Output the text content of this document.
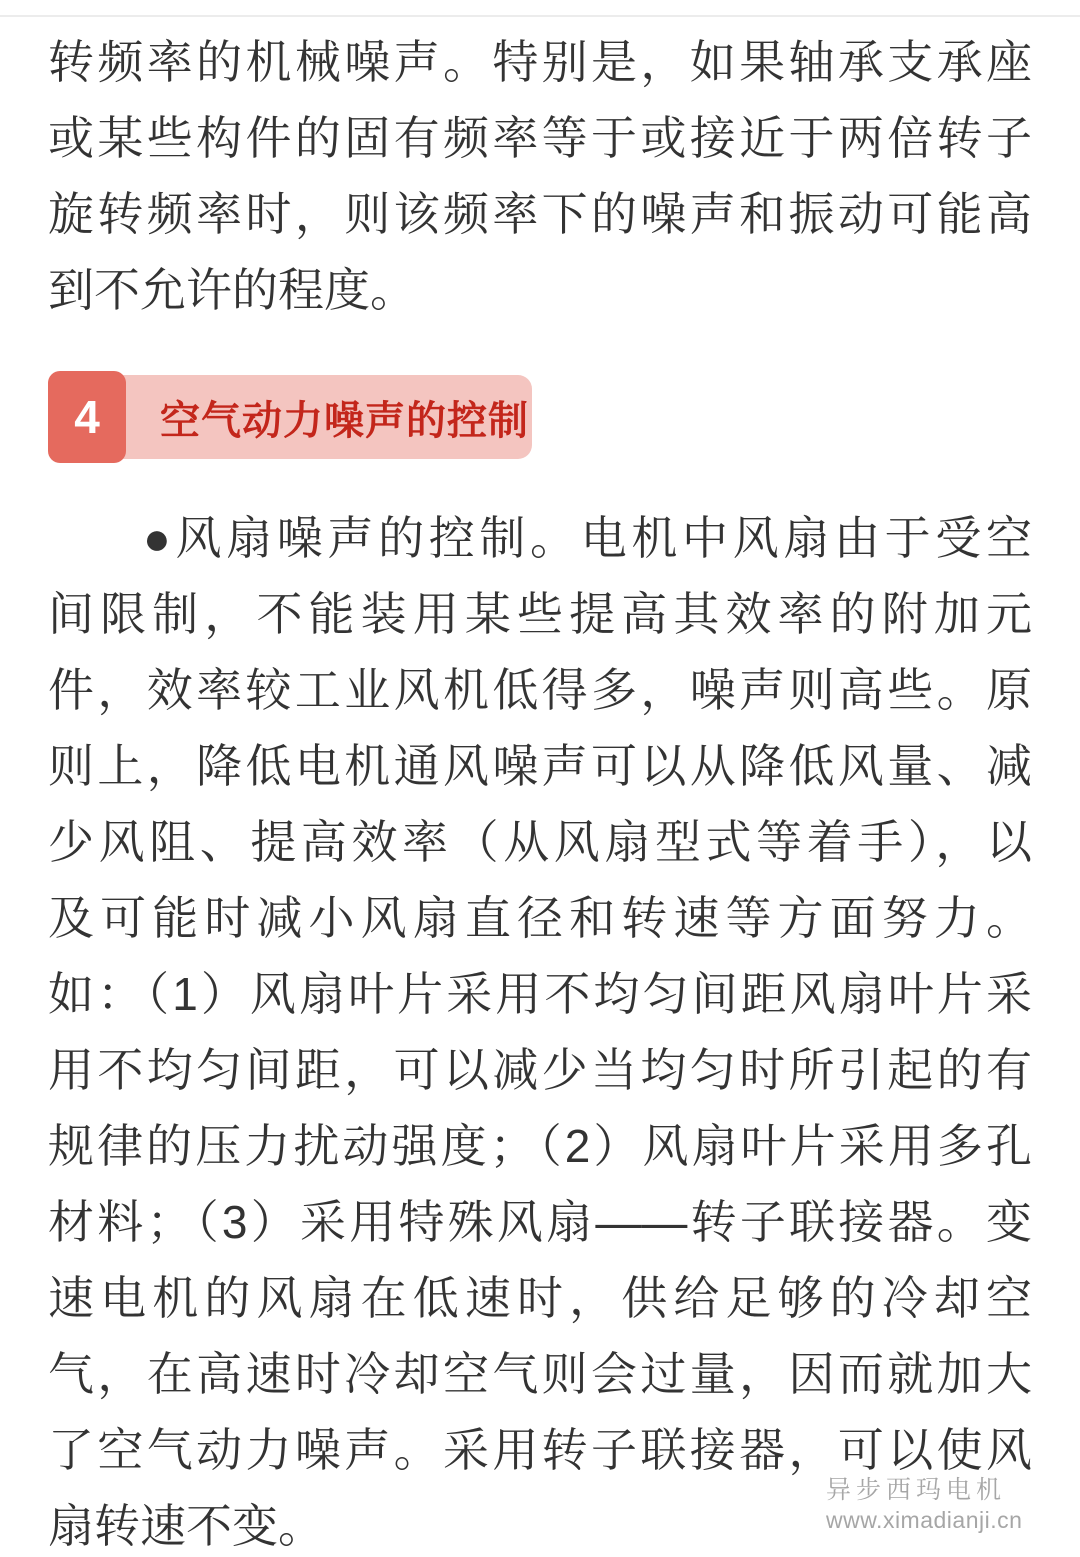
转频率的机械噪声。特别是，如果轴承支承座
或某些构件的固有频率等于或接近于两倍转子
旋转频率时，则该频率下的噪声和振动可能高
到不允许的程度。
空气动力噪声的控制
4
●风扇噪声的控制。电机中风扇由于受空
间限制，不能装用某些提高其效率的附加元
件，效率较工业风机低得多，噪声则高些。原
则上，降低电机通风噪声可以从降低风量、减
少风阻、提高效率（从风扇型式等着手），以
及可能时减小风扇直径和转速等方面努力。
如：（1）风扇叶片采用不均匀间距风扇叶片采
用不均匀间距，可以减少当均匀时所引起的有
规律的压力扰动强度；（2）风扇叶片采用多孔
材料；（3）采用特殊风扇——转子联接器。变
速电机的风扇在低速时，供给足够的冷却空
气，在高速时冷却空气则会过量，因而就加大
了空气动力噪声。采用转子联接器，可以使风
扇转速不变。
异步西玛电机
www.ximadianji.cn
